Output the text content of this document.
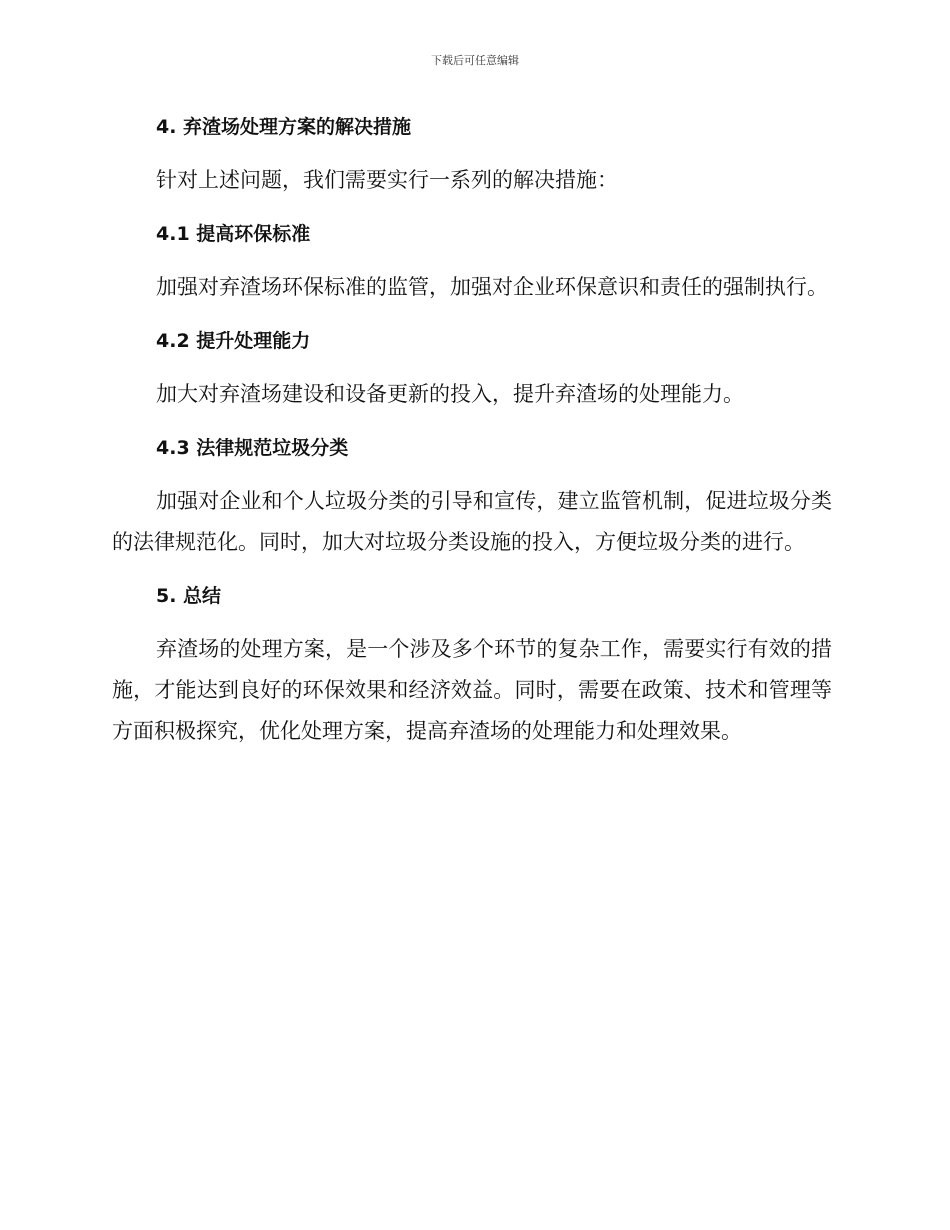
下载后可任意编辑
4. 弃渣场处理方案的解决措施

针对上述问题，我们需要实行一系列的解决措施：

4.1 提高环保标准

加强对弃渣场环保标准的监管，加强对企业环保意识和责任的强制执行。

4.2 提升处理能力

加大对弃渣场建设和设备更新的投入，提升弃渣场的处理能力。

4.3 法律规范垃圾分类

加强对企业和个人垃圾分类的引导和宣传，建立监管机制，促进垃圾分类的法律规范化。同时，加大对垃圾分类设施的投入，方便垃圾分类的进行。

5. 总结

弃渣场的处理方案，是一个涉及多个环节的复杂工作，需要实行有效的措施，才能达到良好的环保效果和经济效益。同时，需要在政策、技术和管理等方面积极探究，优化处理方案，提高弃渣场的处理能力和处理效果。
